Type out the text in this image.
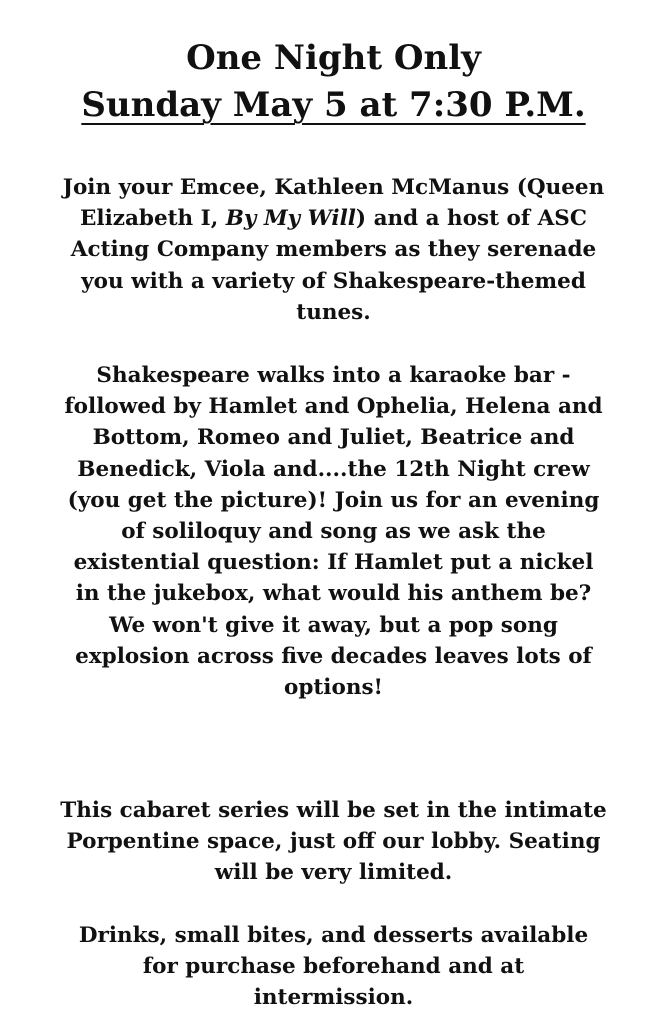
One Night Only
Sunday May 5 at 7:30 P.M.

Join your Emcee, Kathleen McManus (Queen Elizabeth I, By My Will) and a host of ASC Acting Company members as they serenade you with a variety of Shakespeare-themed tunes.

Shakespeare walks into a karaoke bar - followed by Hamlet and Ophelia, Helena and Bottom, Romeo and Juliet, Beatrice and Benedick, Viola and....the 12th Night crew (you get the picture)! Join us for an evening of soliloquy and song as we ask the existential question: If Hamlet put a nickel in the jukebox, what would his anthem be? We won't give it away, but a pop song explosion across five decades leaves lots of options!

This cabaret series will be set in the intimate Porpentine space, just off our lobby. Seating will be very limited.

Drinks, small bites, and desserts available for purchase beforehand and at intermission.
